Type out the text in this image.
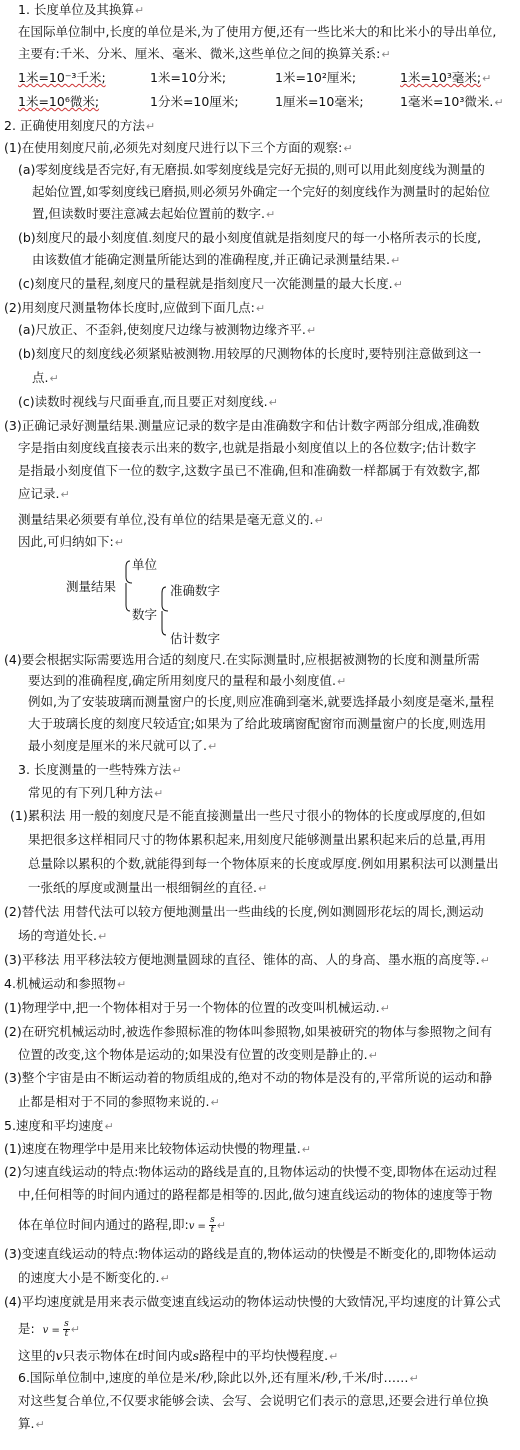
1. 长度单位及其换算↵
在国际单位制中,长度的单位是米,为了使用方便,还有一些比米大的和比米小的导出单位,
主要有:千米、分米、厘米、毫米、微米,这些单位之间的换算关系:↵
1米=10⁻³千米;	1米=10分米;	1米=10²厘米;	1米=10³毫米;↵
1米=10⁶微米;	1分米=10厘米;	1厘米=10毫米;	1毫米=10³微米.↵
2. 正确使用刻度尺的方法↵
(1)在使用刻度尺前,必须先对刻度尺进行以下三个方面的观察:↵
(a)零刻度线是否完好,有无磨损.如零刻度线是完好无损的,则可以用此刻度线为测量的
起始位置,如零刻度线已磨损,则必须另外确定一个完好的刻度线作为测量时的起始位
置,但读数时要注意减去起始位置前的数字.↵
(b)刻度尺的最小刻度值.刻度尺的最小刻度值就是指刻度尺的每一小格所表示的长度,
由该数值才能确定测量所能达到的准确程度,并正确记录测量结果.↵
(c)刻度尺的量程,刻度尺的量程就是指刻度尺一次能测量的最大长度.↵
(2)用刻度尺测量物体长度时,应做到下面几点:↵
(a)尺放正、不歪斜,使刻度尺边缘与被测物边缘齐平.↵
(b)刻度尺的刻度线必须紧贴被测物.用较厚的尺测物体的长度时,要特别注意做到这一
点.↵
(c)读数时视线与尺面垂直,而且要正对刻度线.↵
(3)正确记录好测量结果.测量应记录的数字是由准确数字和估计数字两部分组成,准确数
字是指由刻度线直接表示出来的数字,也就是指最小刻度值以上的各位数字;估计数字
是指最小刻度值下一位的数字,这数字虽已不准确,但和准确数一样都属于有效数字,都
应记录.↵
测量结果必须要有单位,没有单位的结果是毫无意义的.↵
因此,可归纳如下:↵
测量结果
单位
数字
准确数字
估计数字
(4)要会根据实际需要选用合适的刻度尺.在实际测量时,应根据被测物的长度和测量所需
要达到的准确程度,确定所用刻度尺的量程和最小刻度值.↵
例如,为了安装玻璃而测量窗户的长度,则应准确到毫米,就要选择最小刻度是毫米,量程
大于玻璃长度的刻度尺较适宜;如果为了给此玻璃窗配窗帘而测量窗户的长度,则选用
最小刻度是厘米的米尺就可以了.↵
3. 长度测量的一些特殊方法↵
常见的有下列几种方法↵
(1)累积法 用一般的刻度尺是不能直接测量出一些尺寸很小的物体的长度或厚度的,但如
果把很多这样相同尺寸的物体累积起来,用刻度尺能够测量出累积起来后的总量,再用
总量除以累积的个数,就能得到每一个物体原来的长度或厚度.例如用累积法可以测量出
一张纸的厚度或测量出一根细铜丝的直径.↵
(2)替代法 用替代法可以较方便地测量出一些曲线的长度,例如测圆形花坛的周长,测运动
场的弯道处长.↵
(3)平移法 用平移法较方便地测量圆球的直径、锥体的高、人的身高、墨水瓶的高度等.↵
4.机械运动和参照物↵
(1)物理学中,把一个物体相对于另一个物体的位置的改变叫机械运动.↵
(2)在研究机械运动时,被选作参照标准的物体叫参照物,如果被研究的物体与参照物之间有
位置的改变,这个物体是运动的;如果没有位置的改变则是静止的.↵
(3)整个宇宙是由不断运动着的物质组成的,绝对不动的物体是没有的,平常所说的运动和静
止都是相对于不同的参照物来说的.↵
5.速度和平均速度↵
(1)速度在物理学中是用来比较物体运动快慢的物理量.↵
(2)匀速直线运动的特点:物体运动的路线是直的,且物体运动的快慢不变,即物体在运动过程
中,任何相等的时间内通过的路程都是相等的.因此,做匀速直线运动的物体的速度等于物
体在单位时间内通过的路程,即:v = $\frac{s}{t}$ ↵
(3)变速直线运动的特点:物体运动的路线是直的,物体运动的快慢是不断变化的,即物体运动
的速度大小是不断变化的.↵
(4)平均速度就是用来表示做变速直线运动的物体运动快慢的大致情况,平均速度的计算公式
是: $v = \frac{s}{t}$ ↵
这里的v只表示物体在t时间内或s路程中的平均快慢程度.↵
6.国际单位制中,速度的单位是米/秒,除此以外,还有厘米/秒,千米/时……↵
对这些复合单位,不仅要求能够会读、会写、会说明它们表示的意思,还要会进行单位换
算.↵
